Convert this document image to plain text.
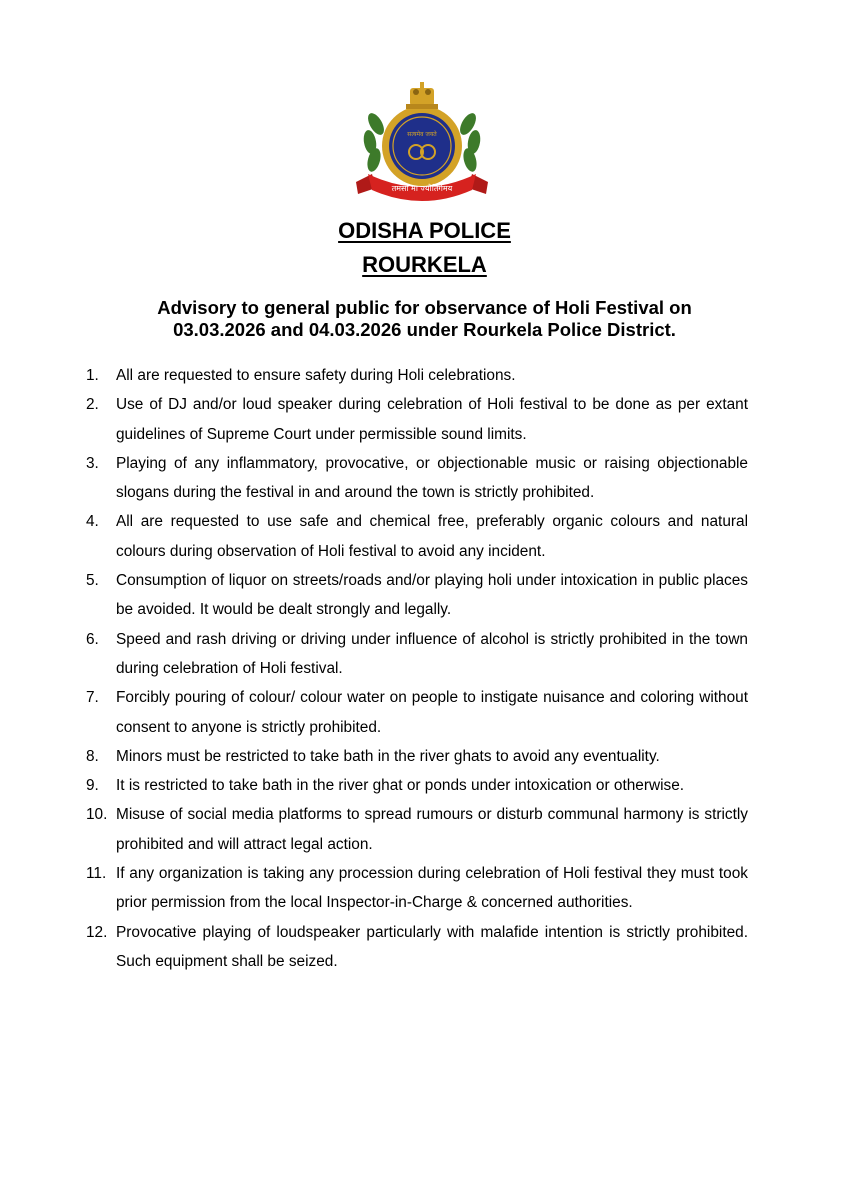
सत्यमेव जयते
तमसो मा ज्योतिर्गमय
ODISHA POLICE
ROURKELA
Advisory to general public for observance of Holi Festival on
03.03.2026 and 04.03.2026 under Rourkela Police District.
1.	All are requested to ensure safety during Holi celebrations.
2.	Use of DJ and/or loud speaker during celebration of Holi festival to be done as per extant guidelines of Supreme Court under permissible sound limits.
3.	Playing of any inflammatory, provocative, or objectionable music or raising objectionable slogans during the festival in and around the town is strictly prohibited.
4.	All are requested to use safe and chemical free, preferably organic colours and natural colours during observation of Holi festival to avoid any incident.
5.	Consumption of liquor on streets/roads and/or playing holi under intoxication in public places be avoided. It would be dealt strongly and legally.
6.	Speed and rash driving or driving under influence of alcohol is strictly prohibited in the town during celebration of Holi festival.
7.	Forcibly pouring of colour/ colour water on people to instigate nuisance and coloring without consent to anyone is strictly prohibited.
8.	Minors must be restricted to take bath in the river ghats to avoid any eventuality.
9.	It is restricted to take bath in the river ghat or ponds under intoxication or otherwise.
10. Misuse of social media platforms to spread rumours or disturb communal harmony is strictly prohibited and will attract legal action.
11. If any organization is taking any procession during celebration of Holi festival they must took prior permission from the local Inspector-in-Charge & concerned authorities.
12. Provocative playing of loudspeaker particularly with malafide intention is strictly prohibited. Such equipment shall be seized.
